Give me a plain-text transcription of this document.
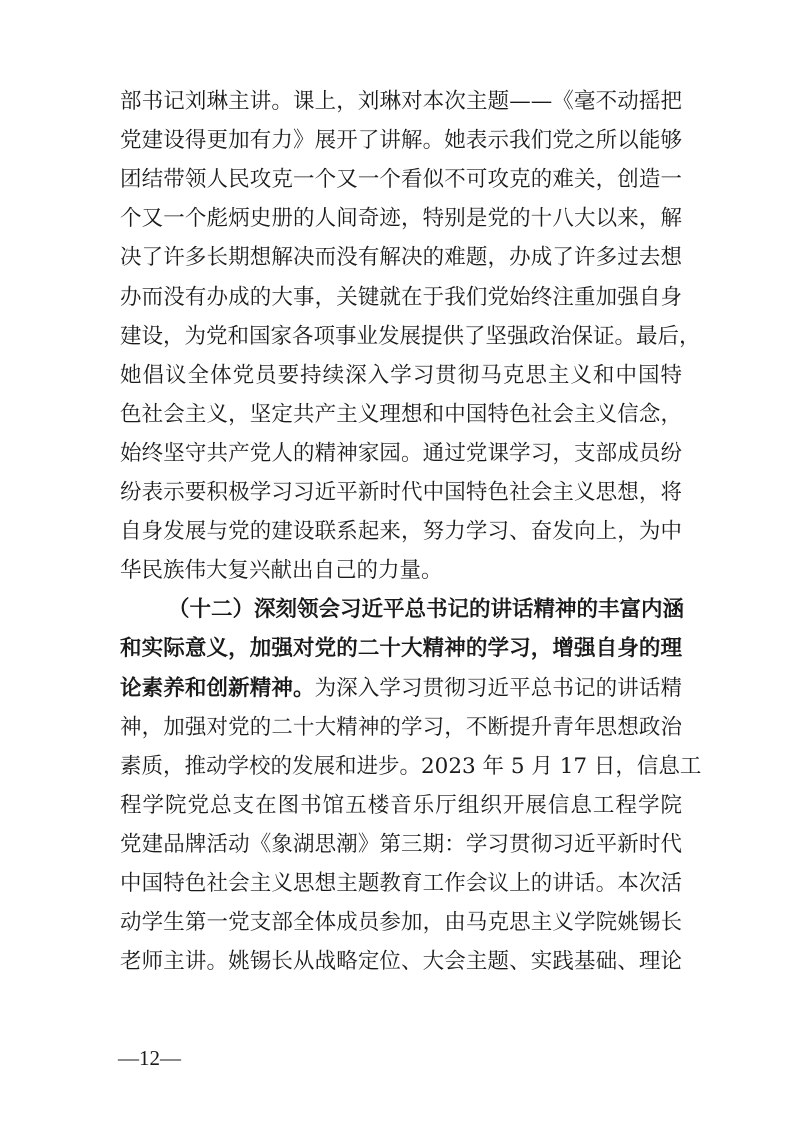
部书记刘琳主讲。课上，刘琳对本次主题——《毫不动摇把
党建设得更加有力》展开了讲解。她表示我们党之所以能够
团结带领人民攻克一个又一个看似不可攻克的难关，创造一
个又一个彪炳史册的人间奇迹，特别是党的十八大以来，解
决了许多长期想解决而没有解决的难题，办成了许多过去想
办而没有办成的大事，关键就在于我们党始终注重加强自身
建设，为党和国家各项事业发展提供了坚强政治保证。最后，
她倡议全体党员要持续深入学习贯彻马克思主义和中国特
色社会主义，坚定共产主义理想和中国特色社会主义信念，
始终坚守共产党人的精神家园。通过党课学习，支部成员纷
纷表示要积极学习习近平新时代中国特色社会主义思想，将
自身发展与党的建设联系起来，努力学习、奋发向上，为中
华民族伟大复兴献出自己的力量。
（十二）深刻领会习近平总书记的讲话精神的丰富内涵
和实际意义，加强对党的二十大精神的学习，增强自身的理
论素养和创新精神。为深入学习贯彻习近平总书记的讲话精
神，加强对党的二十大精神的学习，不断提升青年思想政治
素质，推动学校的发展和进步。2023 年 5 月 17 日，信息工
程学院党总支在图书馆五楼音乐厅组织开展信息工程学院
党建品牌活动《象湖思潮》第三期：学习贯彻习近平新时代
中国特色社会主义思想主题教育工作会议上的讲话。本次活
动学生第一党支部全体成员参加，由马克思主义学院姚锡长
老师主讲。姚锡长从战略定位、大会主题、实践基础、理论
—12—
